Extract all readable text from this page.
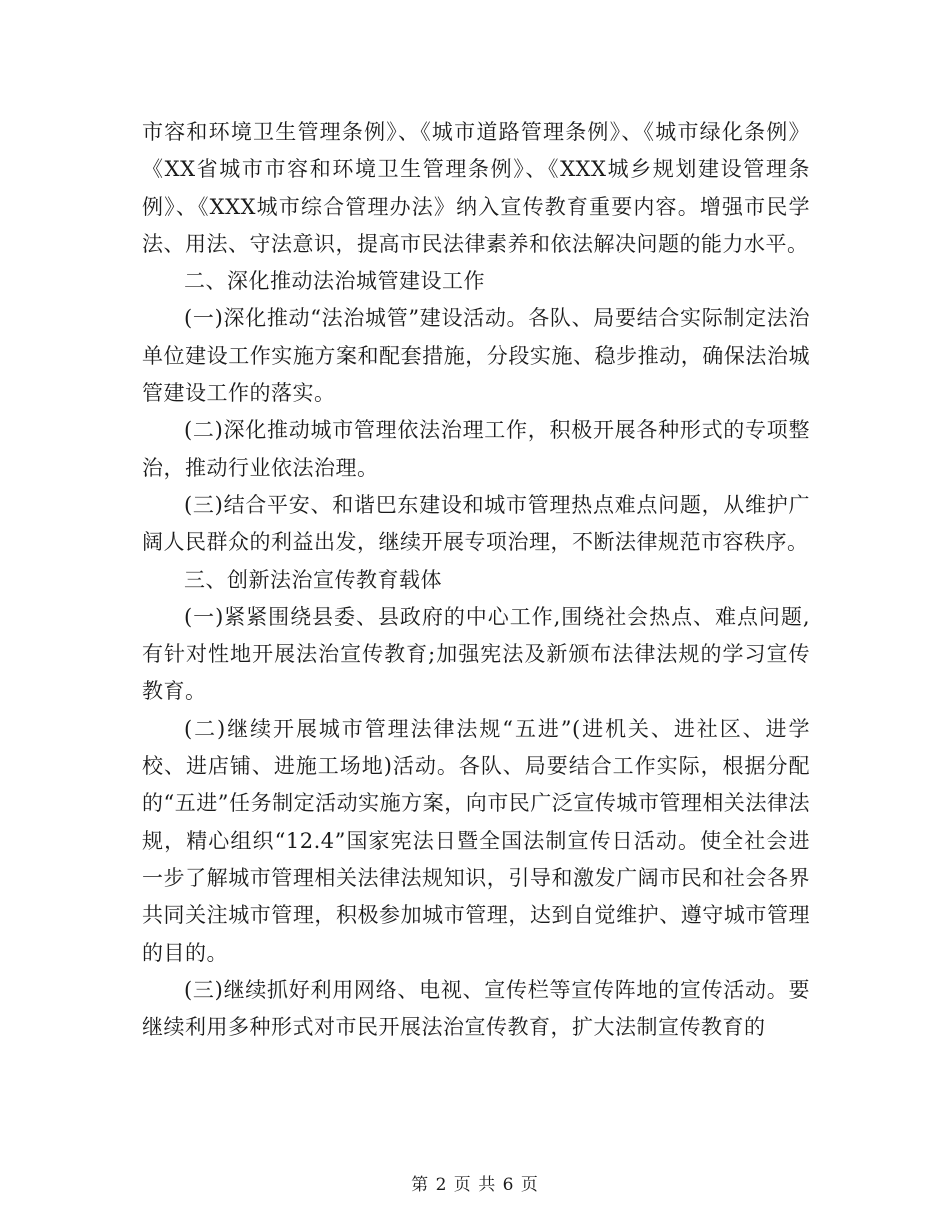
市容和环境卫生管理条例》、《城市道路管理条例》、《城市绿化条例》《XX省城市市容和环境卫生管理条例》、《XXX城乡规划建设管理条例》、《XXX城市综合管理办法》纳入宣传教育重要内容。增强市民学法、用法、守法意识，提高市民法律素养和依法解决问题的能力水平。

二、深化推动法治城管建设工作

(一)深化推动“法治城管”建设活动。各队、局要结合实际制定法治单位建设工作实施方案和配套措施，分段实施、稳步推动，确保法治城管建设工作的落实。

(二)深化推动城市管理依法治理工作，积极开展各种形式的专项整治，推动行业依法治理。

(三)结合平安、和谐巴东建设和城市管理热点难点问题，从维护广阔人民群众的利益出发，继续开展专项治理，不断法律规范市容秩序。

三、创新法治宣传教育载体

(一)紧紧围绕县委、县政府的中心工作,围绕社会热点、难点问题,有针对性地开展法治宣传教育;加强宪法及新颁布法律法规的学习宣传教育。

(二)继续开展城市管理法律法规“五进”(进机关、进社区、进学校、进店铺、进施工场地)活动。各队、局要结合工作实际，根据分配的“五进”任务制定活动实施方案，向市民广泛宣传城市管理相关法律法规，精心组织“12.4”国家宪法日暨全国法制宣传日活动。使全社会进一步了解城市管理相关法律法规知识，引导和激发广阔市民和社会各界共同关注城市管理，积极参加城市管理，达到自觉维护、遵守城市管理的目的。

(三)继续抓好利用网络、电视、宣传栏等宣传阵地的宣传活动。要继续利用多种形式对市民开展法治宣传教育，扩大法制宣传教育的

第 2 页 共 6 页
